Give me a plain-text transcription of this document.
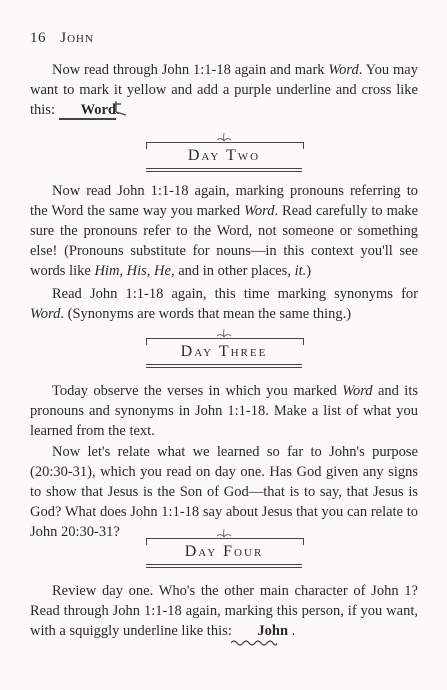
16 John

Now read through John 1:1-18 again and mark Word. You may want to mark it yellow and add a purple underline and cross like this: Word
.

Day Two

Now read John 1:1-18 again, marking pronouns referring to the Word the same way you marked Word. Read carefully to make sure the pronouns refer to the Word, not someone or something else! (Pronouns substitute for nouns—in this context you'll see words like Him, His, He, and in other places, it.)

Read John 1:1-18 again, this time marking synonyms for Word. (Synonyms are words that mean the same thing.)

Day Three

Today observe the verses in which you marked Word and its pronouns and synonyms in John 1:1-18. Make a list of what you learned from the text.

Now let's relate what we learned so far to John's purpose (20:30-31), which you read on day one. Has God given any signs to show that Jesus is the Son of God—that is to say, that Jesus is God? What does John 1:1-18 say about Jesus that you can relate to John 20:30-31?

Day Four

Review day one. Who's the other main character of John 1? Read through John 1:1-18 again, marking this person, if you want, with a squiggly underline like this: John
.
